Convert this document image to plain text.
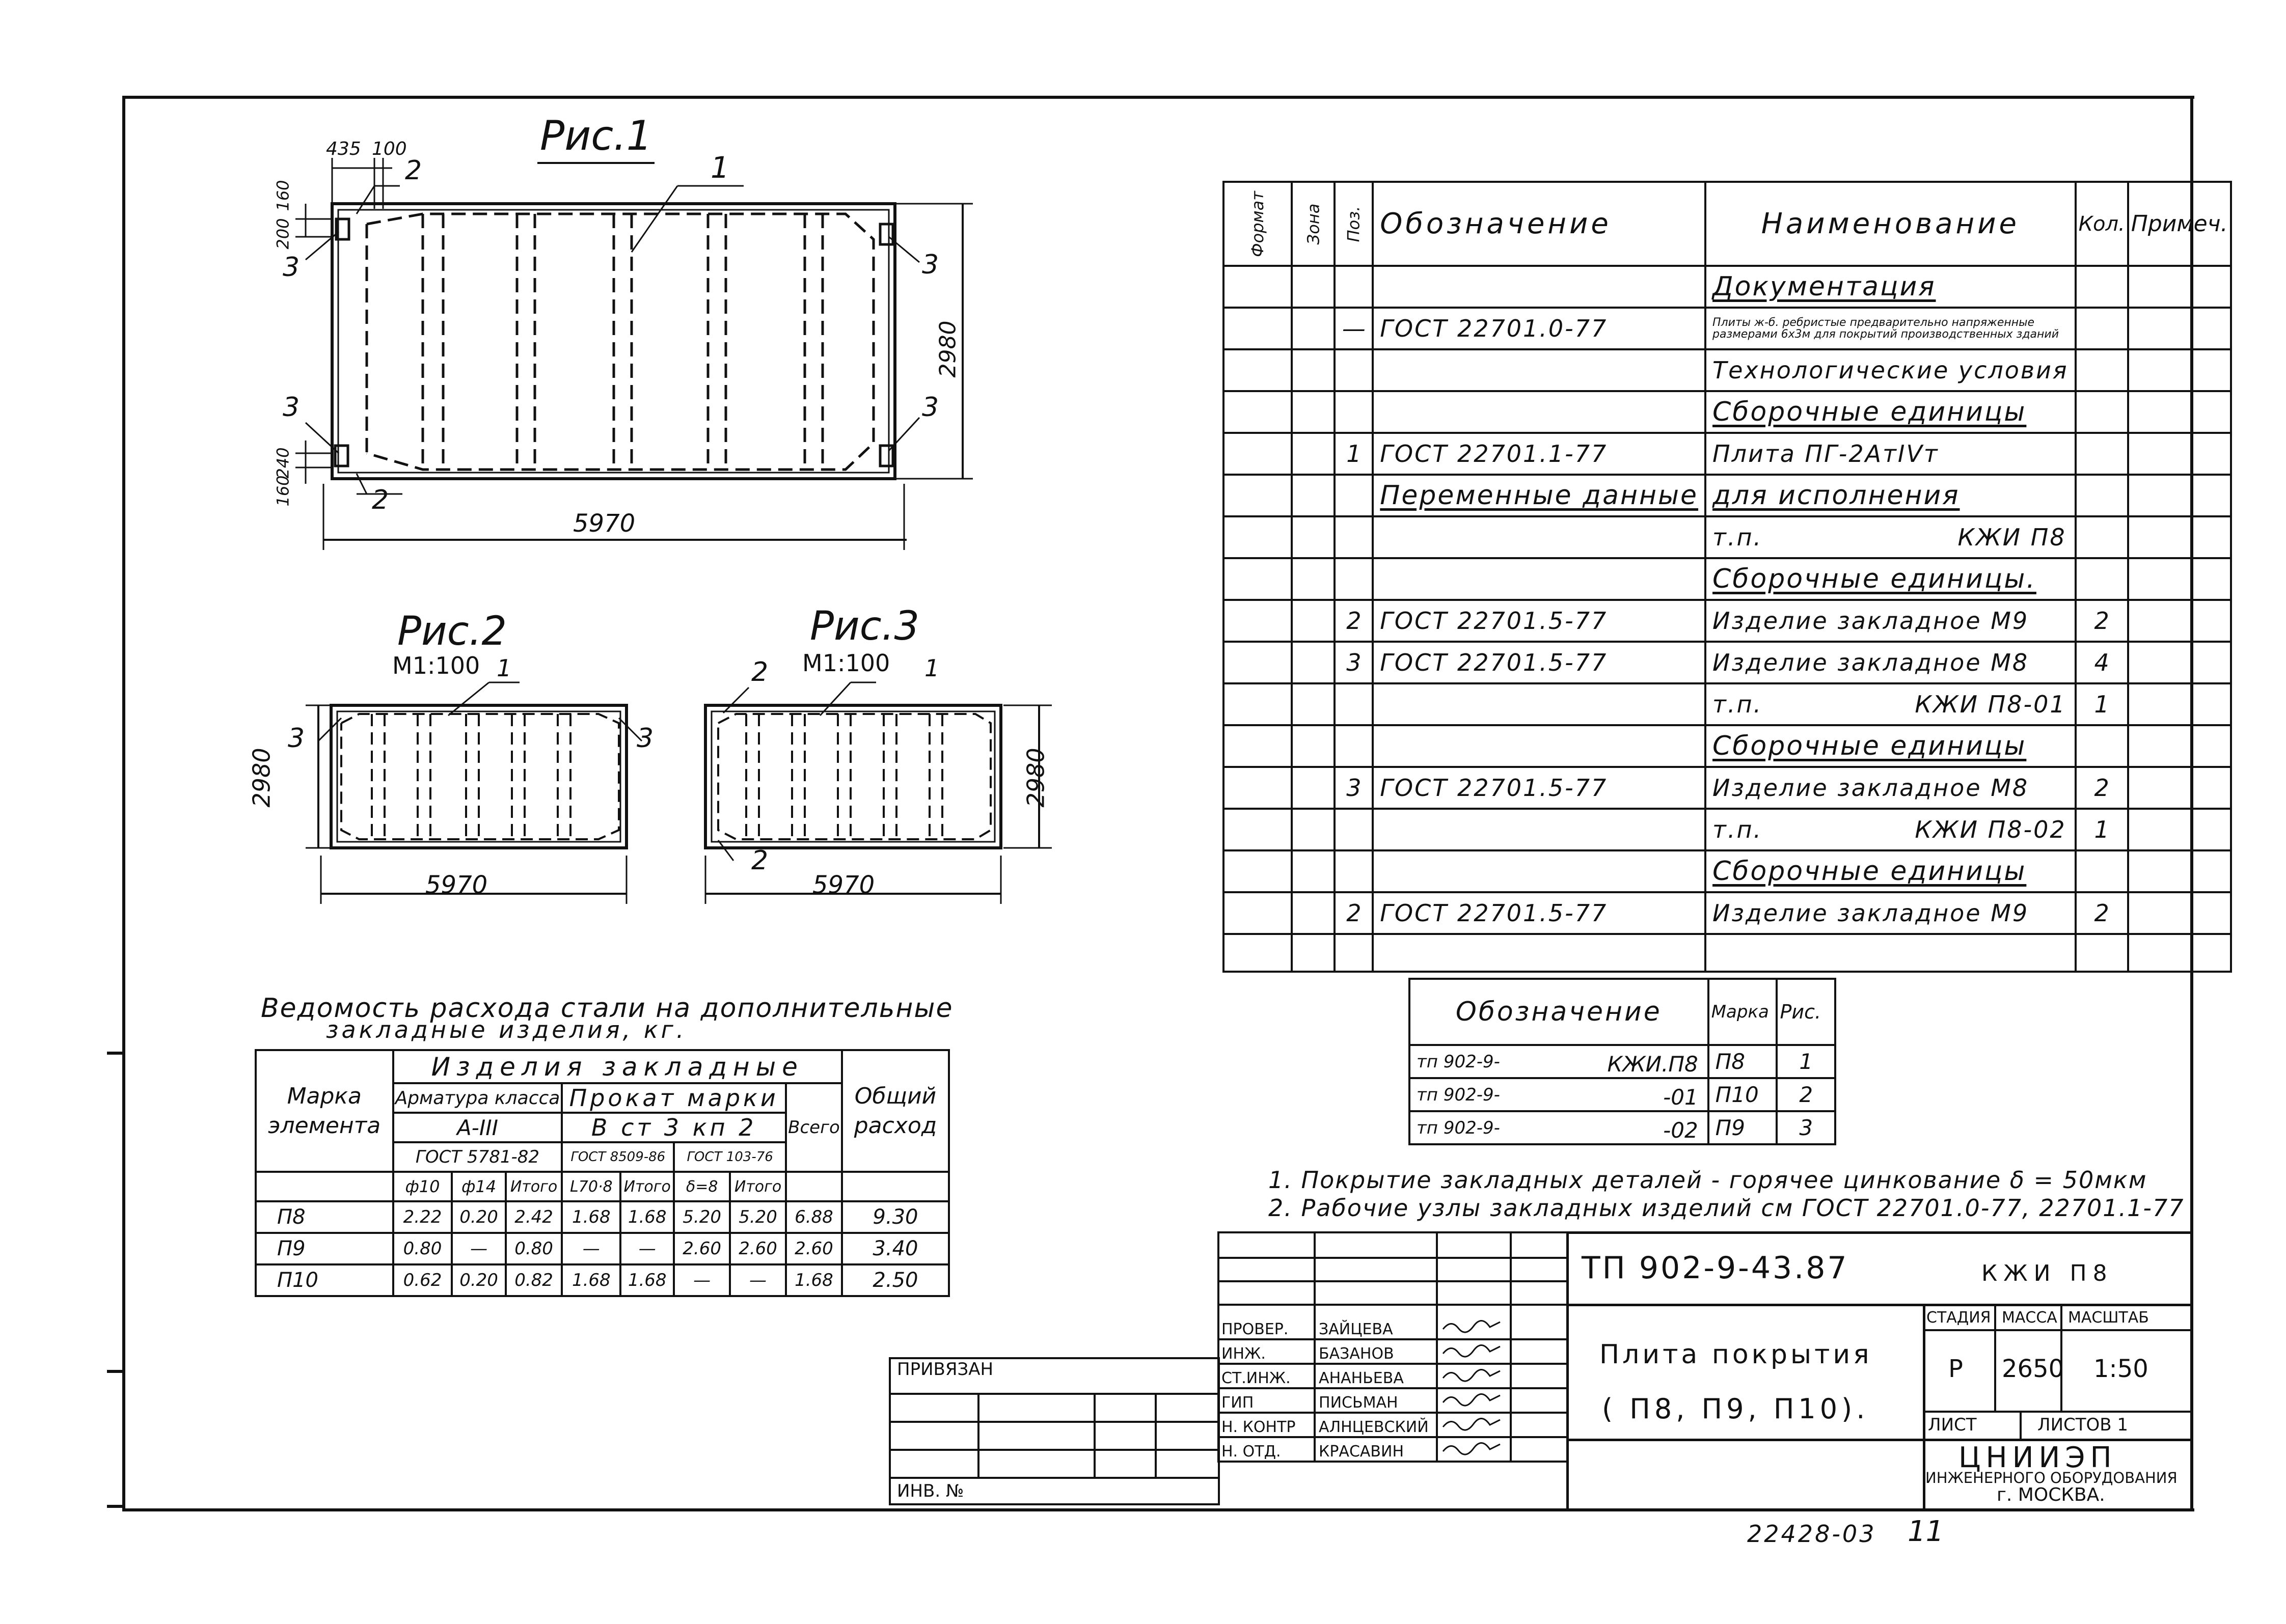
Рис.1
1
2
2
3	3
3	3
435 100
160
200
240
160
2980
5970
Рис.2
М1:100 1
3	3
2980
5970
Рис.3
М1:100 1
2
2
2980
5970
Формат	Зона	Поз.	Обозначение	Наименование	Кол.	Примеч.
				Документация		
		—	ГОСТ 22701.0-77	Плиты ж-б. ребристые предварительно напряженные размерами 6х3м для покрытий производственных зданий		

				Технологические условия		
				Сборочные единицы		
		1	ГОСТ 22701.1-77	Плита ПГ-2АтIVт		
			Переменные данные	для исполнения		
				т.п. КЖИ П8		

				Сборочные единицы.		
		2	ГОСТ 22701.5-77	Изделие закладное М9	2	
		3	ГОСТ 22701.5-77	Изделие закладное М8	4	
				т.п. КЖИ П8-01	1	
				Сборочные единицы		
		3	ГОСТ 22701.5-77	Изделие закладное М8	2	
				т.п. КЖИ П8-02	1	
				Сборочные единицы		
		2	ГОСТ 22701.5-77	Изделие закладное М9	2	

Обозначение	Марка	Рис.
тп 902-9- КЖИ.П8	П8	1
тп 902-9- -01	П10	2
тп 902-9- -02	П9	3
1. Покрытие закладных деталей - горячее цинкование δ = 50мкм
2. Рабочие узлы закладных изделий см ГОСТ 22701.0-77, 22701.1-77
Ведомость расхода стали на дополнительные
закладные изделия, кг.
Марка элемента	Изделия закладные								Общий расход
	Арматура класса			Прокат марки				Всего	
	А-III			В ст 3 кп 2					
	ГОСТ 5781-82			ГОСТ 8509-86		ГОСТ 103-76			
	ф10	ф14	Итого	L70·8	Итого	δ=8	Итого		
П8	2.22	0.20	2.42	1.68	1.68	5.20	5.20	6.88	9.30
П9	0.80	—	0.80	—	—	2.60	2.60	2.60	3.40
П10	0.62	0.20	0.82	1.68	1.68	—	—	1.68	2.50

ПРОВЕР.	ЗАЙЦЕВА		
ИНЖ.	БАЗАНОВ		
СТ.ИНЖ.	АНАНЬЕВА		
ГИП	ПИСЬМАН		
Н. КОНТР	АЛНЦЕВСКИЙ		
Н. ОТД.	КРАСАВИН		
ПРИВЯЗАН			

ИНВ. №			
ТП 902-9-43.87	КЖИ П8
Плита покрытия
( П8, П9, П10).
СТАДИЯ МАССА МАСШТАБ
Р 2650 1:50
ЛИСТ	ЛИСТОВ 1
ЦНИИЭП
ИНЖЕНЕРНОГО ОБОРУДОВАНИЯ
г. МОСКВА.
22428-03 11
